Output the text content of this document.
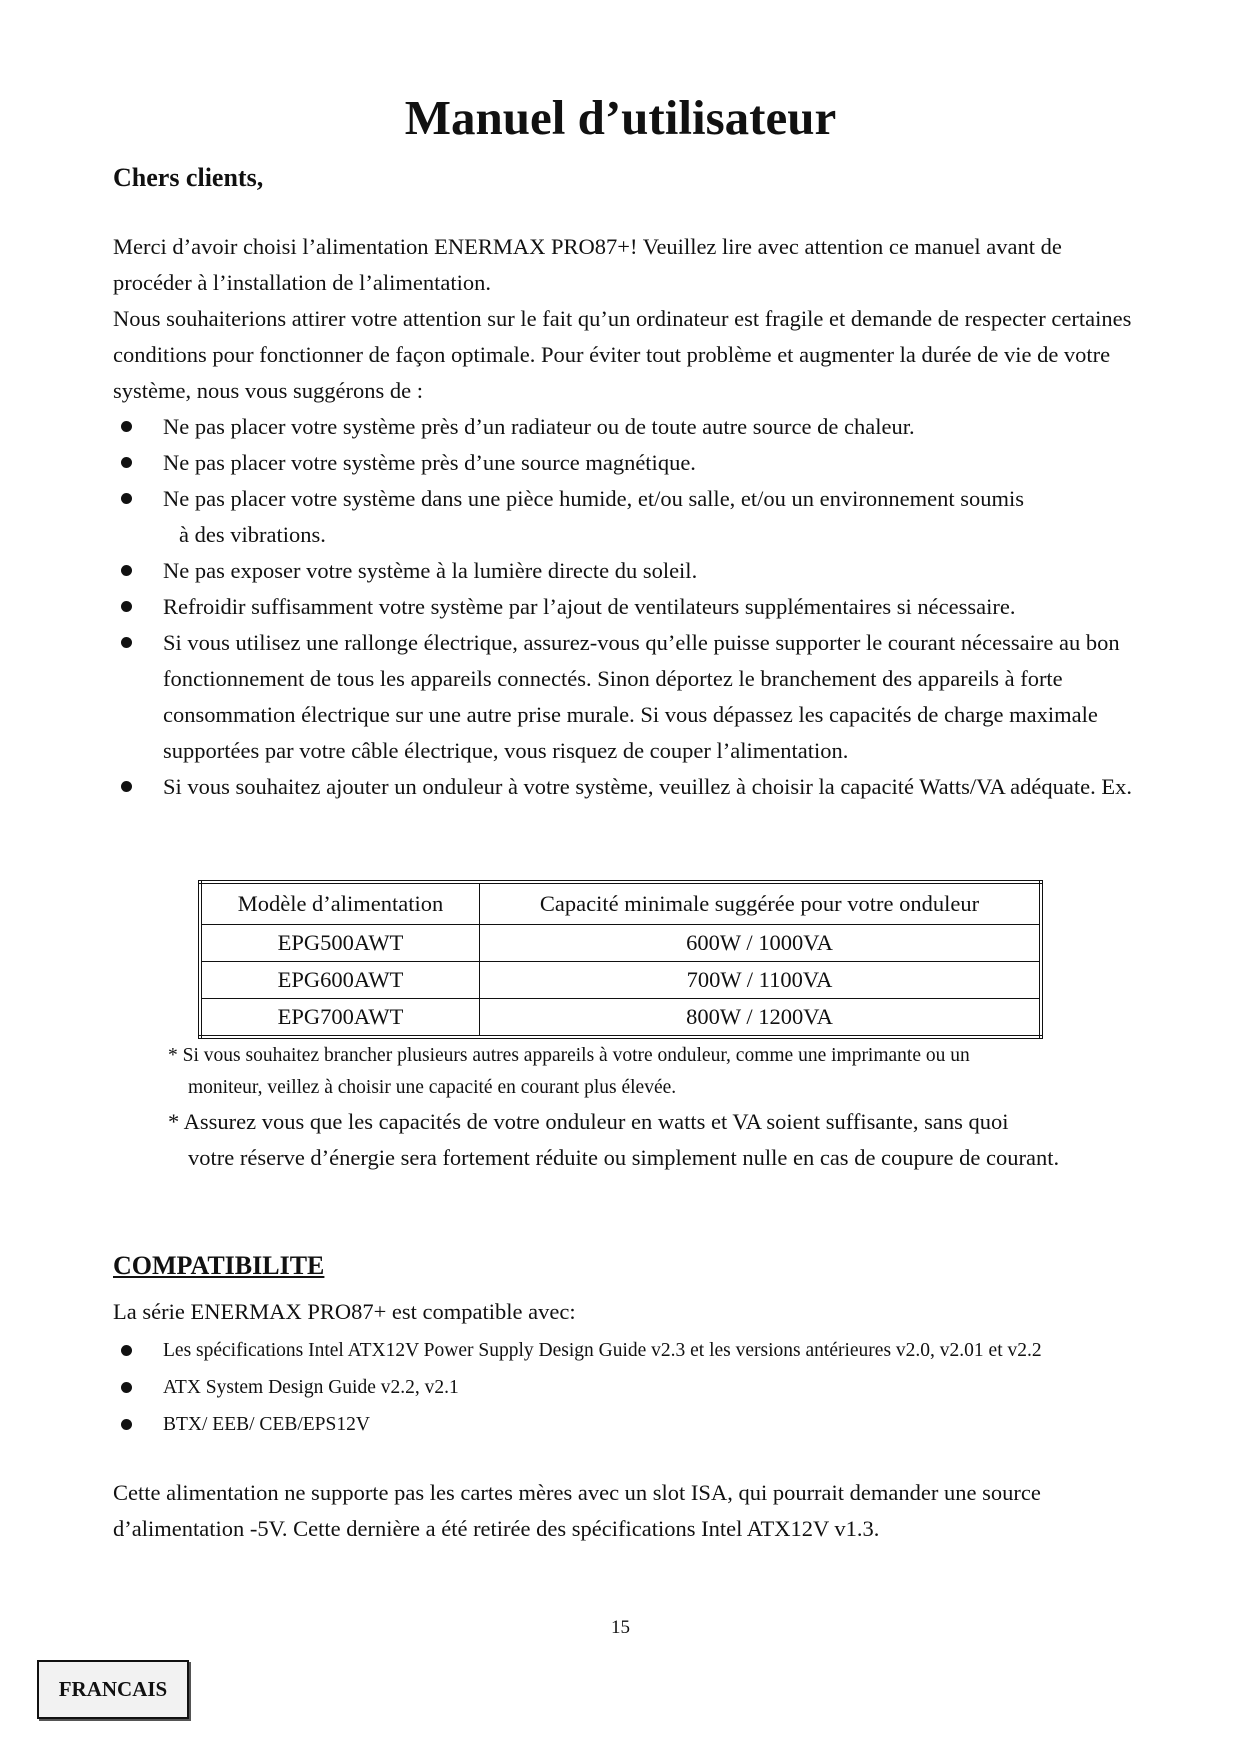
Manuel d’utilisateur
Chers clients,

Merci d’avoir choisi l’alimentation ENERMAX PRO87+! Veuillez lire avec attention ce manuel avant de procéder à l’installation de l’alimentation.

Nous souhaiterions attirer votre attention sur le fait qu’un ordinateur est fragile et demande de respecter certaines conditions pour fonctionner de façon optimale. Pour éviter tout problème et augmenter la durée de vie de votre système, nous vous suggérons de :

Ne pas placer votre système près d’un radiateur ou de toute autre source de chaleur.
Ne pas placer votre système près d’une source magnétique.
Ne pas placer votre système dans une pièce humide, et/ou salle, et/ou un environnement soumis
à des vibrations.
Ne pas exposer votre système à la lumière directe du soleil.
Refroidir suffisamment votre système par l’ajout de ventilateurs supplémentaires si nécessaire.
Si vous utilisez une rallonge électrique, assurez-vous qu’elle puisse supporter le courant nécessaire au bon fonctionnement de tous les appareils connectés. Sinon déportez le branchement des appareils à forte consommation électrique sur une autre prise murale. Si vous dépassez les capacités de charge maximale supportées par votre câble électrique, vous risquez de couper l’alimentation.
Si vous souhaitez ajouter un onduleur à votre système, veuillez à choisir la capacité Watts/VA adéquate. Ex.
Modèle d’alimentation	Capacité minimale suggérée pour votre onduleur
EPG500AWT	600W / 1000VA
EPG600AWT	700W / 1100VA
EPG700AWT	800W / 1200VA
* Si vous souhaitez brancher plusieurs autres appareils à votre onduleur, comme une imprimante ou un
moniteur, veillez à choisir une capacité en courant plus élevée.
* Assurez vous que les capacités de votre onduleur en watts et VA soient suffisante, sans quoi
votre réserve d’énergie sera fortement réduite ou simplement nulle en cas de coupure de courant.
COMPATIBILITE

La série ENERMAX PRO87+ est compatible avec:

Les spécifications Intel ATX12V Power Supply Design Guide v2.3 et les versions antérieures v2.0, v2.01 et v2.2
ATX System Design Guide v2.2, v2.1
BTX/ EEB/ CEB/EPS12V

Cette alimentation ne supporte pas les cartes mères avec un slot ISA, qui pourrait demander une source d’alimentation -5V. Cette dernière a été retirée des spécifications Intel ATX12V v1.3.

15

FRANCAIS
